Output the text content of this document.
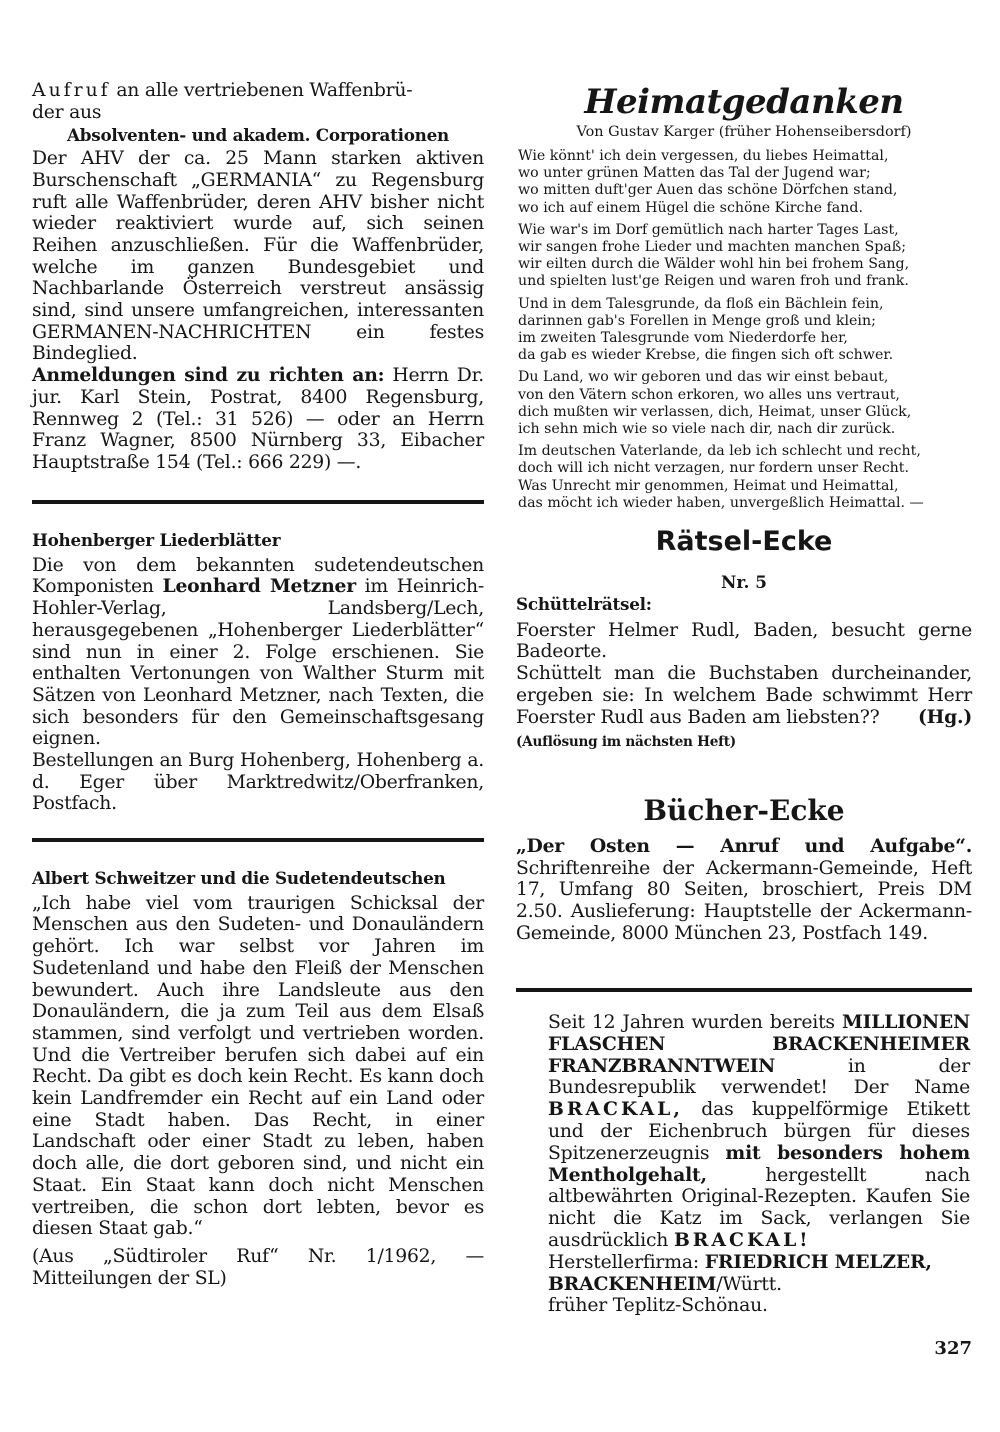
Aufruf an alle vertriebenen Waffenbrü-

der aus

Absolventen- und akadem. Corporationen

Der AHV der ca. 25 Mann starken aktiven Burschenschaft „GERMANIA“ zu Regensburg ruft alle Waffenbrüder, deren AHV bisher nicht wieder reaktiviert wurde auf, sich seinen Reihen anzuschließen. Für die Waffenbrüder, welche im ganzen Bundesgebiet und Nachbarlande Österreich verstreut ansässig sind, sind unsere umfangreichen, interessanten GERMANEN-NACHRICHTEN ein festes Bindeglied.

Anmeldungen sind zu richten an: Herrn Dr. jur. Karl Stein, Postrat, 8400 Regensburg, Rennweg 2 (Tel.: 31 526) — oder an Herrn Franz Wagner, 8500 Nürnberg 33, Eibacher Hauptstraße 154 (Tel.: 666 229) —.

Hohenberger Liederblätter

Die von dem bekannten sudetendeutschen Komponisten Leonhard Metzner im Heinrich-Hohler-Verlag, Landsberg/Lech, herausgegebenen „Hohenberger Liederblätter“ sind nun in einer 2. Folge erschienen. Sie enthalten Vertonungen von Walther Sturm mit Sätzen von Leonhard Metzner, nach Texten, die sich besonders für den Gemeinschaftsgesang eignen.

Bestellungen an Burg Hohenberg, Hohenberg a. d. Eger über Marktredwitz/Oberfranken, Postfach.

Albert Schweitzer und die Sudetendeutschen

„Ich habe viel vom traurigen Schicksal der Menschen aus den Sudeten- und Donauländern gehört. Ich war selbst vor Jahren im Sudetenland und habe den Fleiß der Menschen bewundert. Auch ihre Landsleute aus den Donauländern, die ja zum Teil aus dem Elsaß stammen, sind verfolgt und vertrieben worden. Und die Vertreiber berufen sich dabei auf ein Recht. Da gibt es doch kein Recht. Es kann doch kein Landfremder ein Recht auf ein Land oder eine Stadt haben. Das Recht, in einer Landschaft oder einer Stadt zu leben, haben doch alle, die dort geboren sind, und nicht ein Staat. Ein Staat kann doch nicht Menschen vertreiben, die schon dort lebten, bevor es diesen Staat gab.“

(Aus „Südtiroler Ruf“ Nr. 1/1962, — Mitteilungen der SL)

Heimatgedanken
Von Gustav Karger (früher Hohenseibersdorf)
Wie könnt' ich dein vergessen, du liebes Heimattal,
wo unter grünen Matten das Tal der Jugend war;
wo mitten duft'ger Auen das schöne Dörfchen stand,
wo ich auf einem Hügel die schöne Kirche fand.
Wie war's im Dorf gemütlich nach harter Tages Last,
wir sangen frohe Lieder und machten manchen Spaß;
wir eilten durch die Wälder wohl hin bei frohem Sang,
und spielten lust'ge Reigen und waren froh und frank.
Und in dem Talesgrunde, da floß ein Bächlein fein,
darinnen gab's Forellen in Menge groß und klein;
im zweiten Talesgrunde vom Niederdorfe her,
da gab es wieder Krebse, die fingen sich oft schwer.
Du Land, wo wir geboren und das wir einst bebaut,
von den Vätern schon erkoren, wo alles uns vertraut,
dich mußten wir verlassen, dich, Heimat, unser Glück,
ich sehn mich wie so viele nach dir, nach dir zurück.
Im deutschen Vaterlande, da leb ich schlecht und recht,
doch will ich nicht verzagen, nur fordern unser Recht.
Was Unrecht mir genommen, Heimat und Heimattal,
das möcht ich wieder haben, unvergeßlich Heimattal. —
Rätsel-Ecke
Nr. 5

Schüttelrätsel:

Foerster Helmer Rudl, Baden, besucht gerne Badeorte.

Schüttelt man die Buchstaben durcheinander, ergeben sie: In welchem Bade schwimmt Herr Foerster Rudl aus Baden am liebsten??	(Hg.)

(Auflösung im nächsten Heft)

Bücher-Ecke

„Der Osten — Anruf und Aufgabe“. Schriftenreihe der Ackermann-Gemeinde, Heft 17, Umfang 80 Seiten, broschiert, Preis DM 2.50. Auslieferung: Hauptstelle der Ackermann-Gemeinde, 8000 München 23, Postfach 149.

Seit 12 Jahren wurden bereits MILLIONEN FLASCHEN BRACKENHEIMER FRANZBRANNTWEIN in der Bundesrepublik verwendet! Der Name BRACKAL, das kuppelförmige Etikett und der Eichenbruch bürgen für dieses Spitzenerzeugnis mit besonders hohem Mentholgehalt, hergestellt nach altbewährten Original-Rezepten. Kaufen Sie nicht die Katz im Sack, verlangen Sie ausdrücklich BRACKAL!

Herstellerfirma: FRIEDRICH MELZER, BRACKENHEIM/Württ.

früher Teplitz-Schönau.

327
